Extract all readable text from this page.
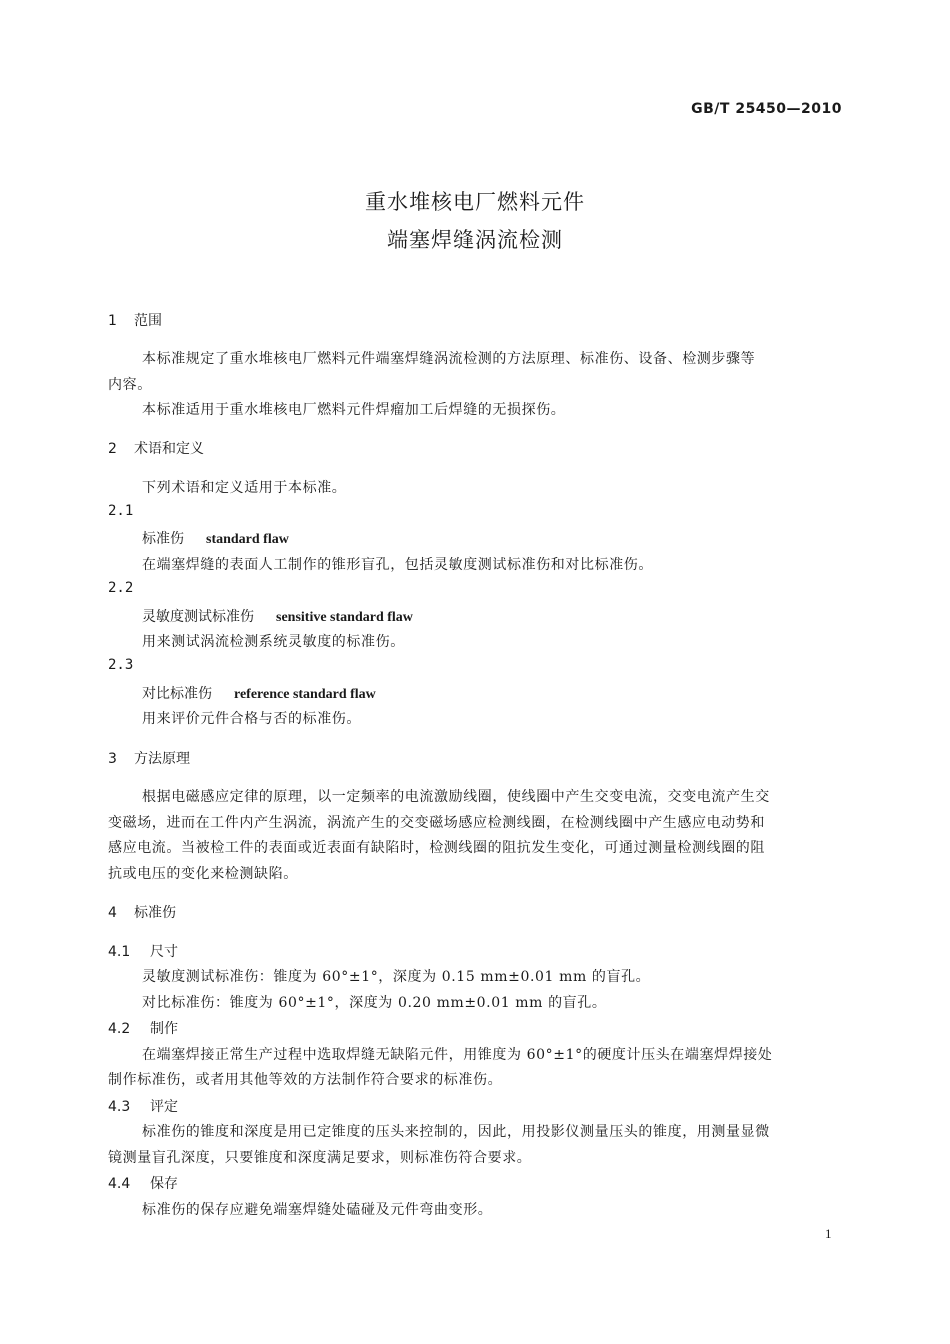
GB/T 25450—2010
重水堆核电厂燃料元件
端塞焊缝涡流检测
1 范围
本标准规定了重水堆核电厂燃料元件端塞焊缝涡流检测的方法原理、标准伤、设备、检测步骤等
内容。
本标准适用于重水堆核电厂燃料元件焊瘤加工后焊缝的无损探伤。
2 术语和定义
下列术语和定义适用于本标准。
2.1
标准伤 standard flaw
在端塞焊缝的表面人工制作的锥形盲孔，包括灵敏度测试标准伤和对比标准伤。
2.2
灵敏度测试标准伤 sensitive standard flaw
用来测试涡流检测系统灵敏度的标准伤。
2.3
对比标准伤 reference standard flaw
用来评价元件合格与否的标准伤。
3 方法原理
根据电磁感应定律的原理，以一定频率的电流激励线圈，使线圈中产生交变电流，交变电流产生交
变磁场，进而在工件内产生涡流，涡流产生的交变磁场感应检测线圈，在检测线圈中产生感应电动势和
感应电流。当被检工件的表面或近表面有缺陷时，检测线圈的阻抗发生变化，可通过测量检测线圈的阻
抗或电压的变化来检测缺陷。
4 标准伤
4.1 尺寸
灵敏度测试标准伤：锥度为 60°±1°，深度为 0.15 mm±0.01 mm 的盲孔。
对比标准伤：锥度为 60°±1°，深度为 0.20 mm±0.01 mm 的盲孔。
4.2 制作
在端塞焊接正常生产过程中选取焊缝无缺陷元件，用锥度为 60°±1°的硬度计压头在端塞焊焊接处
制作标准伤，或者用其他等效的方法制作符合要求的标准伤。
4.3 评定
标准伤的锥度和深度是用已定锥度的压头来控制的，因此，用投影仪测量压头的锥度，用测量显微
镜测量盲孔深度，只要锥度和深度满足要求，则标准伤符合要求。
4.4 保存
标准伤的保存应避免端塞焊缝处磕碰及元件弯曲变形。
1
